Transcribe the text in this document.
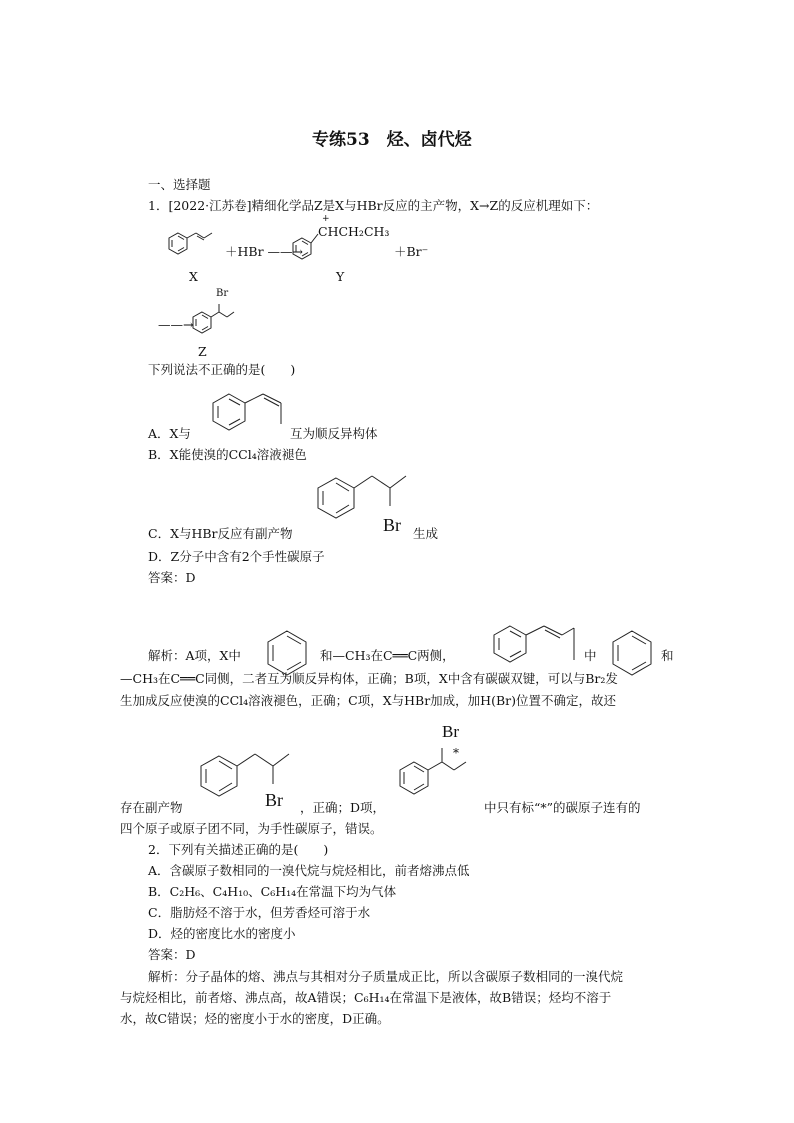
专练53　烃、卤代烃
一、选择题
1．[2022·江苏卷]精细化学品Z是X与HBr反应的主产物，X→Z的反应机理如下：
＋HBr ——→
X
+
CHCH₂CH₃
Y
＋Br⁻
——→
Br
Z
下列说法不正确的是(　　)
A．X与	互为顺反异构体
B．X能使溴的CCl₄溶液褪色
C．X与HBr反应有副产物	Br 生成
D．Z分子中含有2个手性碳原子
答案：D
解析：A项，X中	和—CH₃在C══C两侧，	中	和
—CH₃在C══C同侧，二者互为顺反异构体，正确；B项，X中含有碳碳双键，可以与Br₂发
生加成反应使溴的CCl₄溶液褪色，正确；C项，X与HBr加成，加H(Br)位置不确定，故还
存在副产物	Br ，正确；D项，
Br
*
中只有标“*”的碳原子连有的
四个原子或原子团不同，为手性碳原子，错误。
2．下列有关描述正确的是(　　)
A．含碳原子数相同的一溴代烷与烷烃相比，前者熔沸点低
B．C₂H₆、C₄H₁₀、C₆H₁₄在常温下均为气体
C．脂肪烃不溶于水，但芳香烃可溶于水
D．烃的密度比水的密度小
答案：D
解析：分子晶体的熔、沸点与其相对分子质量成正比，所以含碳原子数相同的一溴代烷
与烷烃相比，前者熔、沸点高，故A错误；C₆H₁₄在常温下是液体，故B错误；烃均不溶于
水，故C错误；烃的密度小于水的密度，D正确。
